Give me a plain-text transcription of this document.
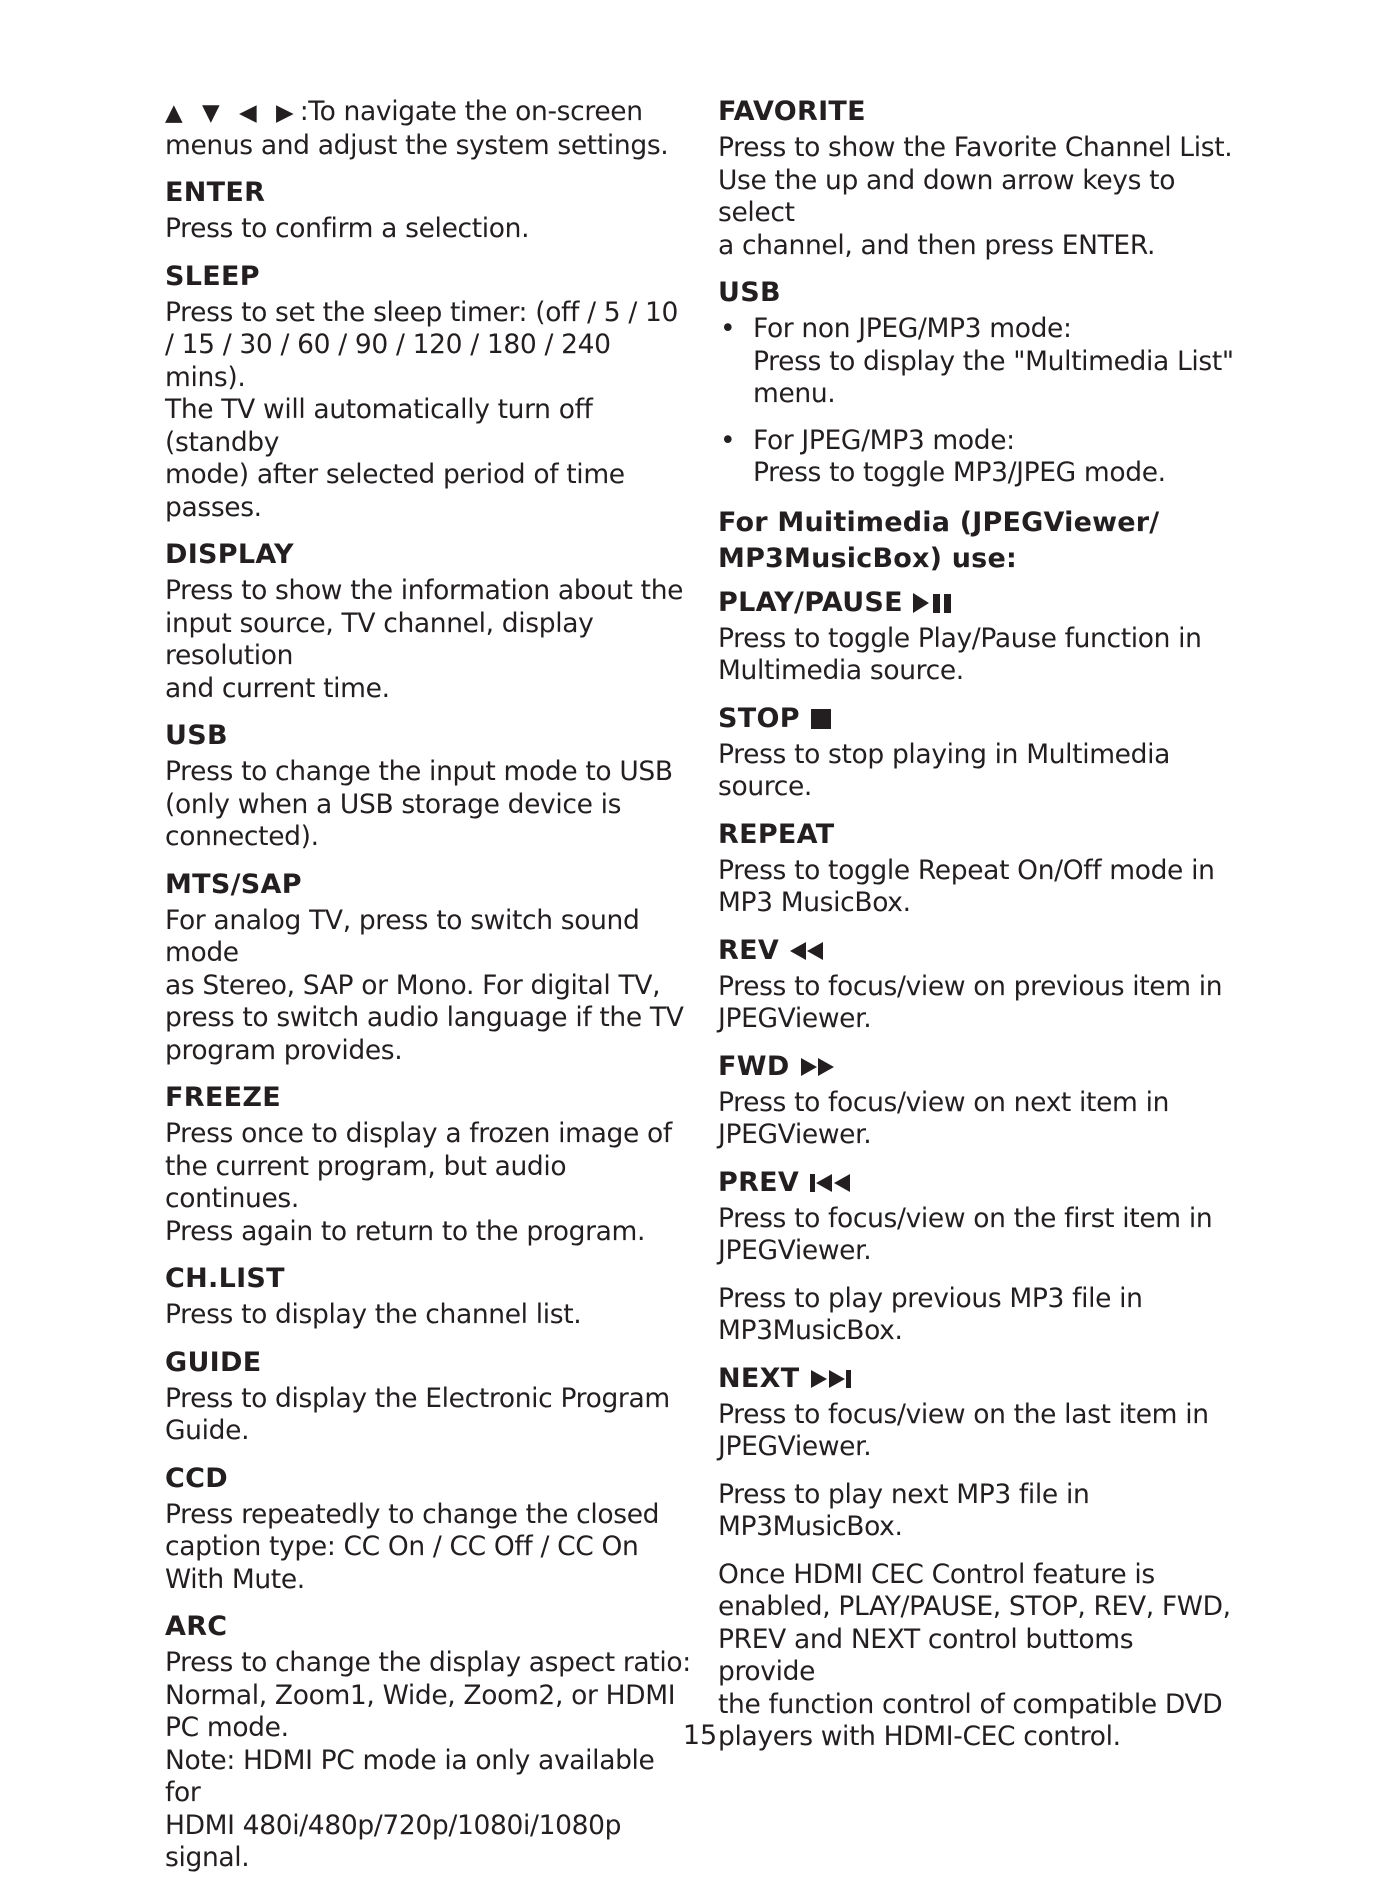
▲ ▼ ◀ ▶:To navigate the on-screen
menus and adjust the system settings.

ENTER

Press to confirm a selection.

SLEEP

Press to set the sleep timer: (off / 5 / 10
/ 15 / 30 / 60 / 90 / 120 / 180 / 240 mins).
The TV will automatically turn off (standby
mode) after selected period of time passes.

DISPLAY

Press to show the information about the
input source, TV channel, display resolution
and current time.

USB

Press to change the input mode to USB
(only when a USB storage device is
connected).

MTS/SAP

For analog TV, press to switch sound mode
as Stereo, SAP or Mono. For digital TV,
press to switch audio language if the TV
program provides.

FREEZE

Press once to display a frozen image of
the current program, but audio continues.
Press again to return to the program.

CH.LIST

Press to display the channel list.

GUIDE

Press to display the Electronic Program
Guide.

CCD

Press repeatedly to change the closed
caption type: CC On / CC Off / CC On
With Mute.

ARC

Press to change the display aspect ratio:
Normal, Zoom1, Wide, Zoom2, or HDMI
PC mode.
Note: HDMI PC mode ia only available for
HDMI 480i/480p/720p/1080i/1080p signal.

FAVORITE

Press to show the Favorite Channel List.
Use the up and down arrow keys to select
a channel, and then press ENTER.

USB
• For non JPEG/MP3 mode:
Press to display the "Multimedia List"
menu.

• For JPEG/MP3 mode:
Press to toggle MP3/JPEG mode.

For Muitimedia (JPEGViewer/
MP3MusicBox) use:

PLAY/PAUSE

Press to toggle Play/Pause function in
Multimedia source.

STOP

Press to stop playing in Multimedia source.

REPEAT

Press to toggle Repeat On/Off mode in
MP3 MusicBox.

REV

Press to focus/view on previous item in
JPEGViewer.

FWD

Press to focus/view on next item in
JPEGViewer.

PREV

Press to focus/view on the first item in
JPEGViewer.

Press to play previous MP3 file in
MP3MusicBox.

NEXT

Press to focus/view on the last item in
JPEGViewer.

Press to play next MP3 file in
MP3MusicBox.

Once HDMI CEC Control feature is
enabled, PLAY/PAUSE, STOP, REV, FWD,
PREV and NEXT control buttoms provide
the function control of compatible DVD
players with HDMI-CEC control.

15
